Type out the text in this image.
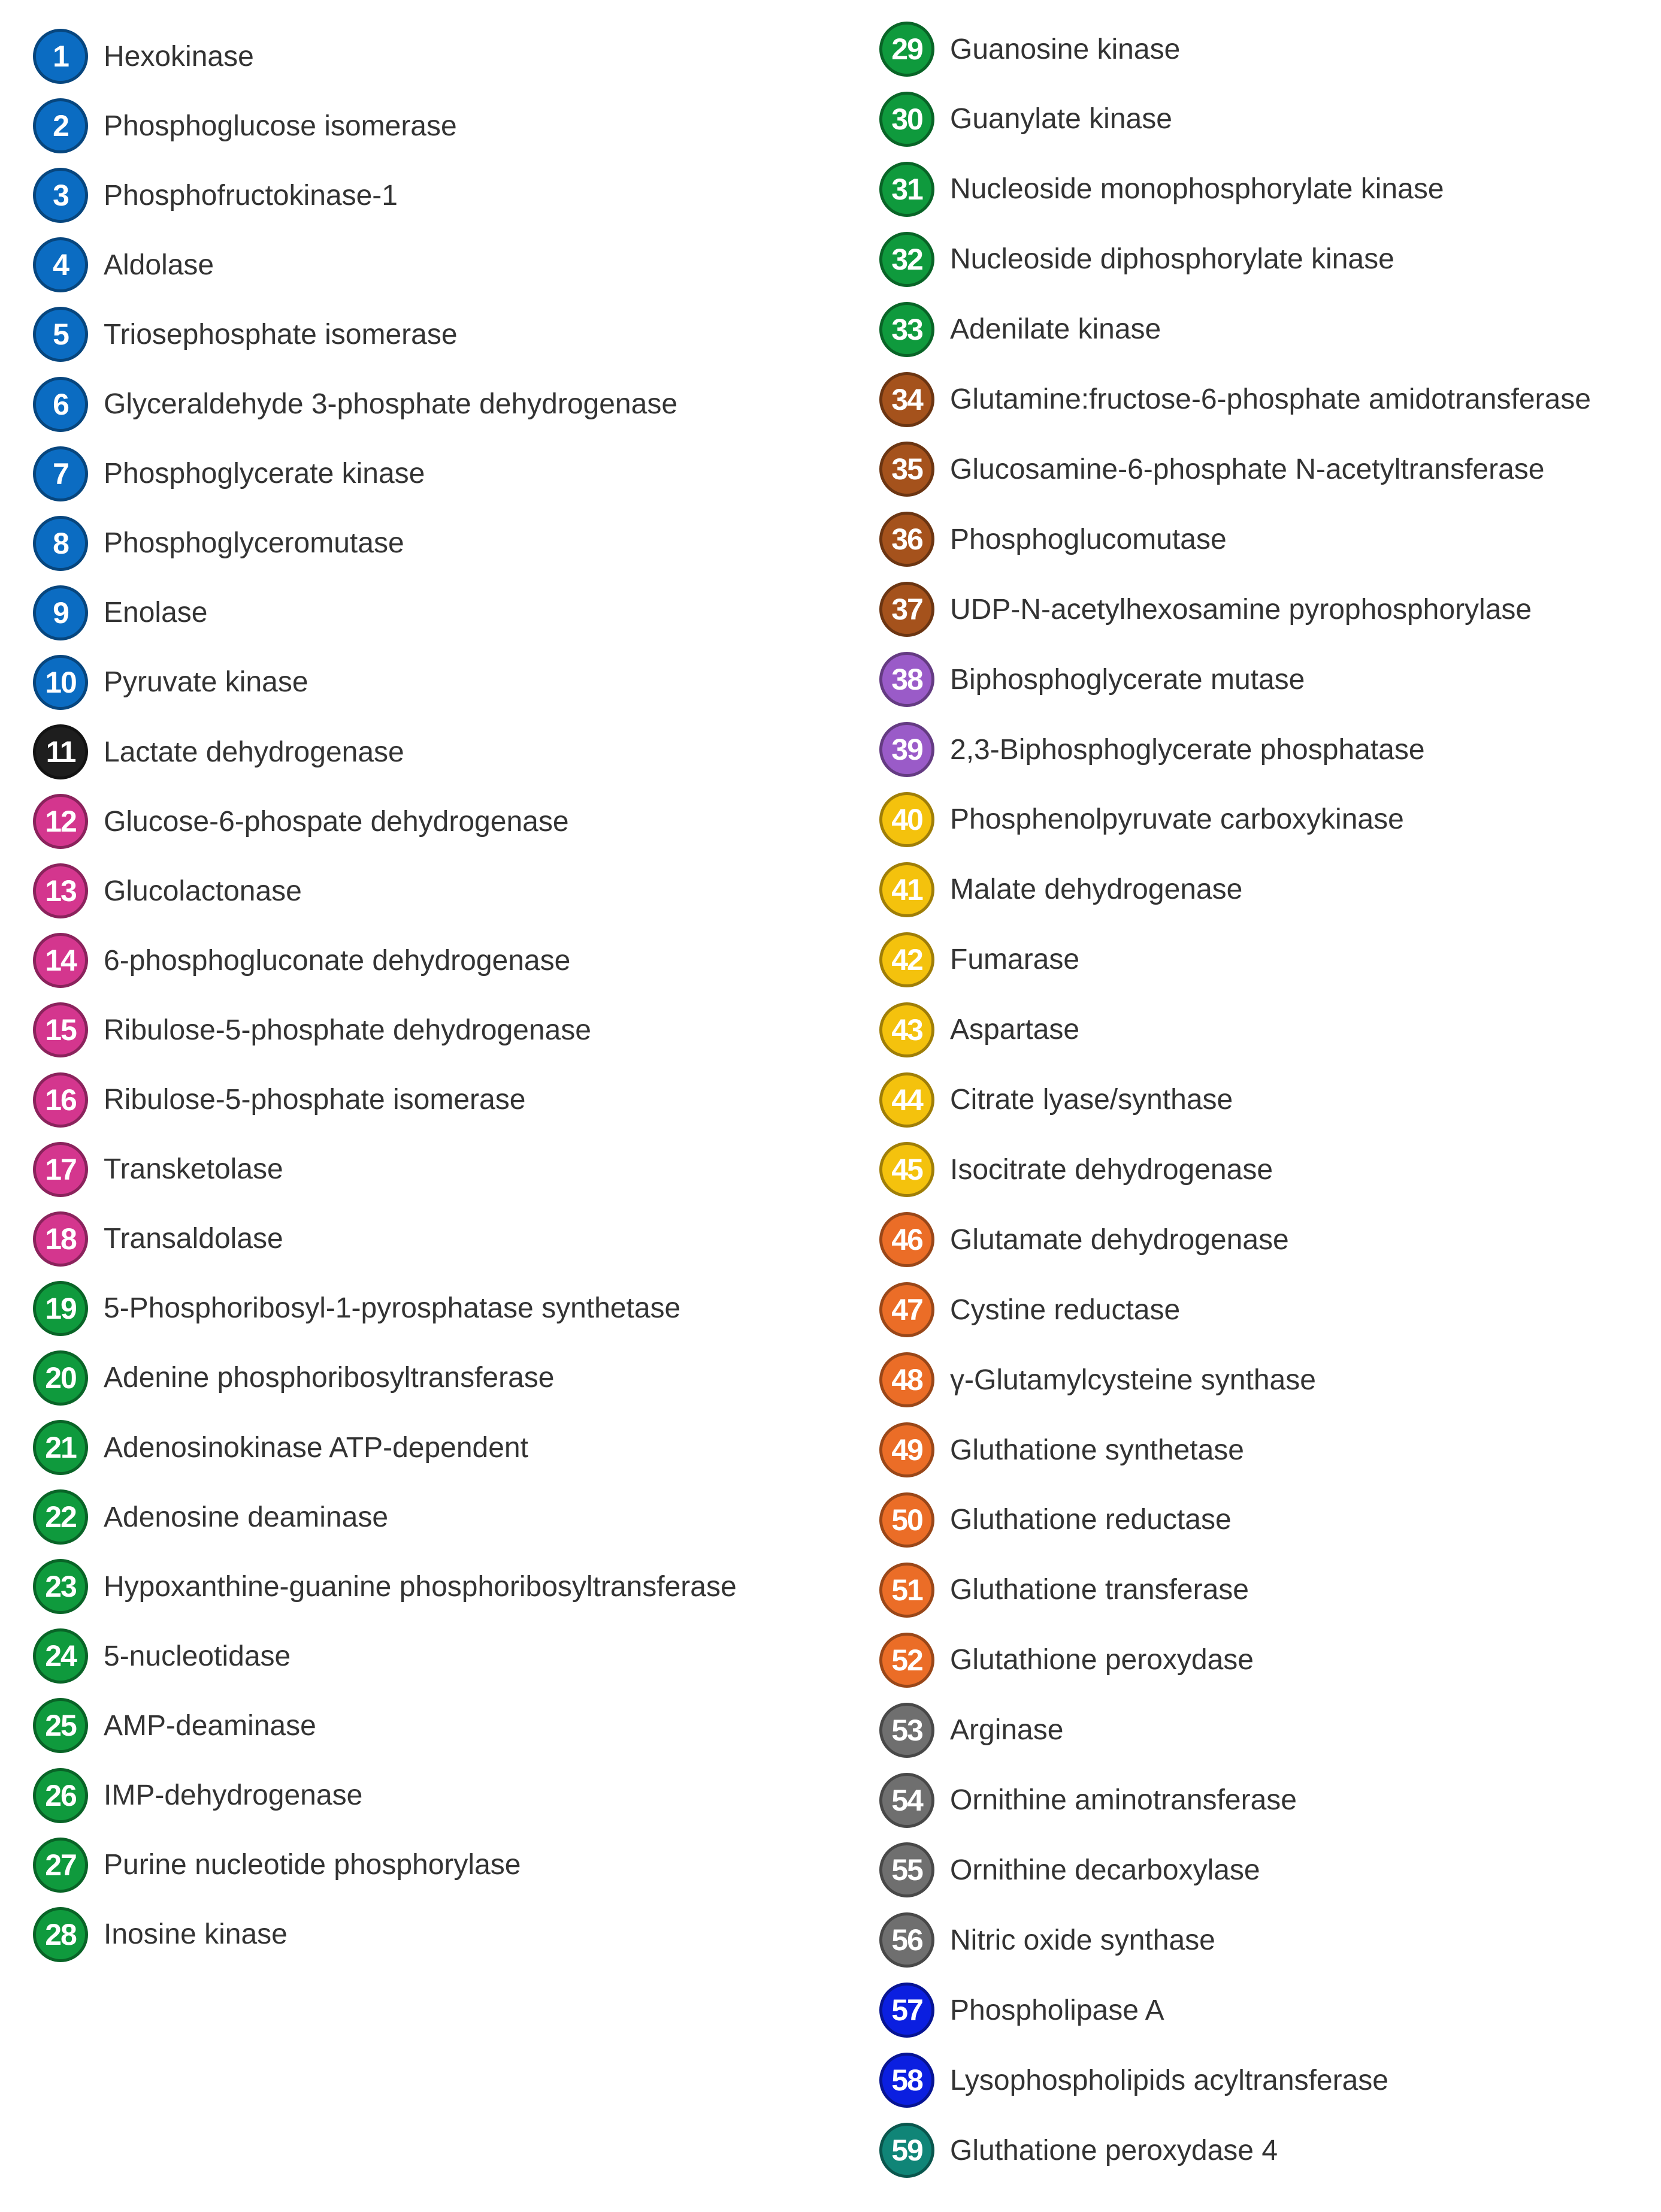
1	Hexokinase
2	Phosphoglucose isomerase
3	Phosphofructokinase-1
4	Aldolase
5	Triosephosphate isomerase
6	Glyceraldehyde 3-phosphate dehydrogenase
7	Phosphoglycerate kinase
8	Phosphoglyceromutase
9	Enolase
10 Pyruvate kinase
11 Lactate dehydrogenase
12 Glucose-6-phospate dehydrogenase
13 Glucolactonase
14 6-phosphogluconate dehydrogenase
15 Ribulose-5-phosphate dehydrogenase
16 Ribulose-5-phosphate isomerase
17 Transketolase
18 Transaldolase
19 5-Phosphoribosyl-1-pyrosphatase synthetase
20 Adenine phosphoribosyltransferase
21 Adenosinokinase ATP-dependent
22 Adenosine deaminase
23 Hypoxanthine-guanine phosphoribosyltransferase
24 5-nucleotidase
25 AMP-deaminase
26 IMP-dehydrogenase
27 Purine nucleotide phosphorylase
28 Inosine kinase
29 Guanosine kinase
30 Guanylate kinase
31 Nucleoside monophosphorylate kinase
32 Nucleoside diphosphorylate kinase
33 Adenilate kinase
34 Glutamine:fructose-6-phosphate amidotransferase
35 Glucosamine-6-phosphate N-acetyltransferase
36 Phosphoglucomutase
37 UDP-N-acetylhexosamine pyrophosphorylase
38 Biphosphoglycerate mutase
39 2,3-Biphosphoglycerate phosphatase
40 Phosphenolpyruvate carboxykinase
41 Malate dehydrogenase
42 Fumarase
43 Aspartase
44 Citrate lyase/synthase
45 Isocitrate dehydrogenase
46 Glutamate dehydrogenase
47 Cystine reductase
48 γ-Glutamylcysteine synthase
49 Gluthatione synthetase
50 Gluthatione reductase
51 Gluthatione transferase
52 Glutathione peroxydase
53 Arginase
54 Ornithine aminotransferase
55 Ornithine decarboxylase
56 Nitric oxide synthase
57 Phospholipase A
58 Lysophospholipids acyltransferase
59 Gluthatione peroxydase 4
